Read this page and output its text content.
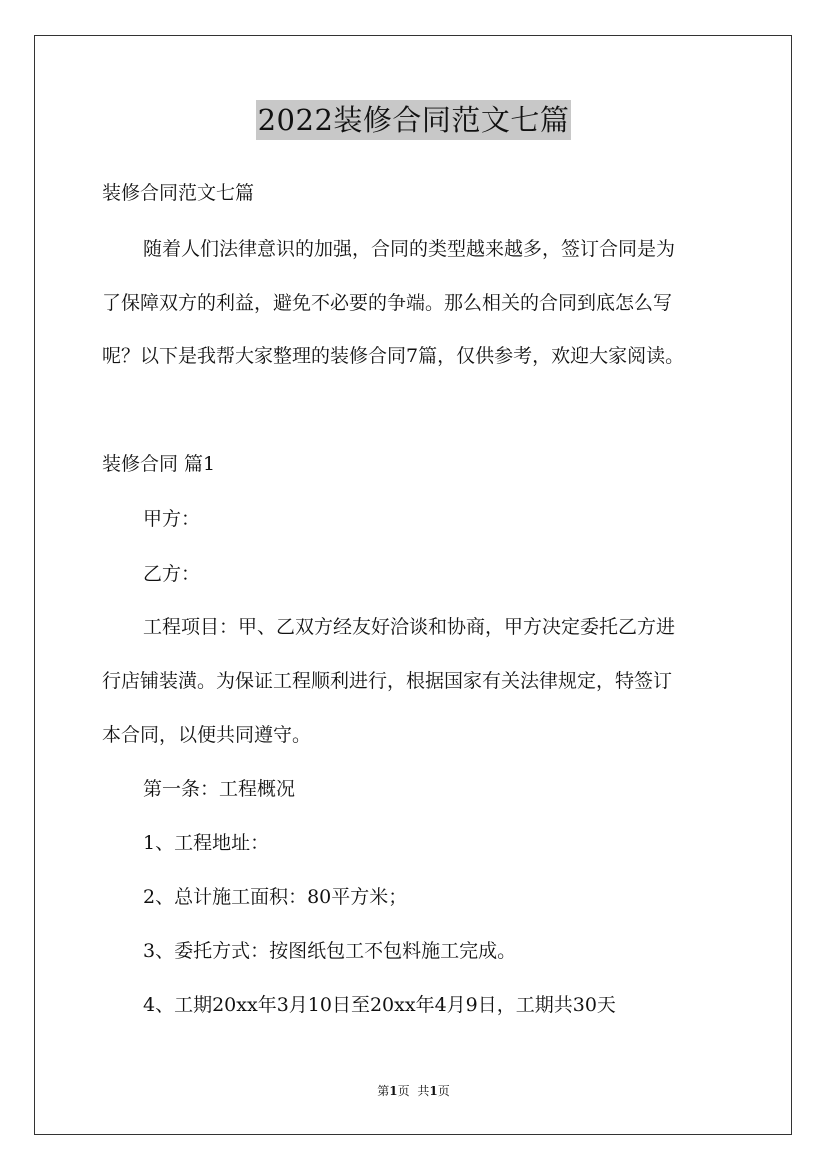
2022装修合同范文七篇
装修合同范文七篇
随着人们法律意识的加强，合同的类型越来越多，签订合同是为
了保障双方的利益，避免不必要的争端。那么相关的合同到底怎么写
呢？以下是我帮大家整理的装修合同7篇，仅供参考，欢迎大家阅读。
装修合同 篇1
甲方：
乙方：
工程项目：甲、乙双方经友好洽谈和协商，甲方决定委托乙方进
行店铺装潢。为保证工程顺利进行，根据国家有关法律规定，特签订
本合同，以便共同遵守。
第一条：工程概况
1、工程地址：
2、总计施工面积：80平方米；
3、委托方式：按图纸包工不包料施工完成。
4、工期20xx年3月10日至20xx年4月9日，工期共30天
第1页 共1页
